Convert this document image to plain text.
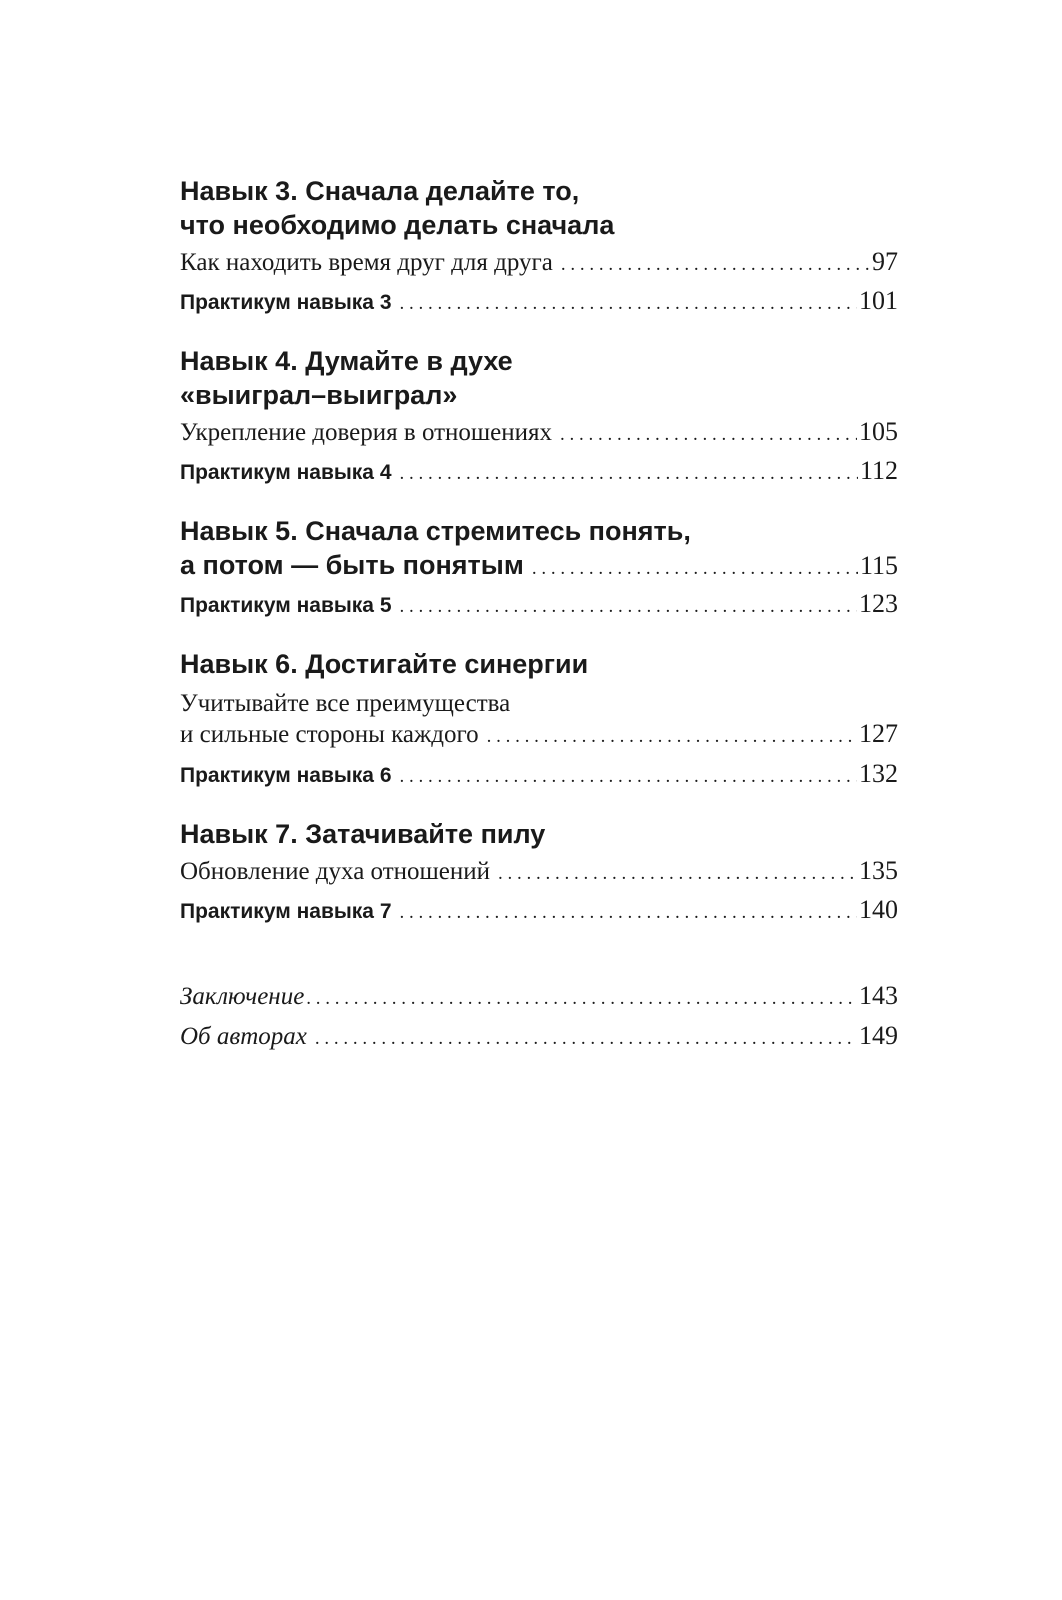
Навык 3. Сначала делайте то,
что необходимо делать сначала
Как находить время друг для друга . . .	97
Практикум навыка 3 . . .	101
Навык 4. Думайте в духе
«выиграл–выиграл»
Укрепление доверия в отношениях . . .	105
Практикум навыка 4 . . .	112
Навык 5. Сначала стремитесь понять,
а потом — быть понятым . . .	115
Практикум навыка 5 . . .	123
Навык 6. Достигайте синергии
Учитывайте все преимущества
и сильные стороны каждого . . .	127
Практикум навыка 6 . . .	132
Навык 7. Затачивайте пилу
Обновление духа отношений . . .	135
Практикум навыка 7 . . .	140
Заключение . . .	143
Об авторах . . .	149
